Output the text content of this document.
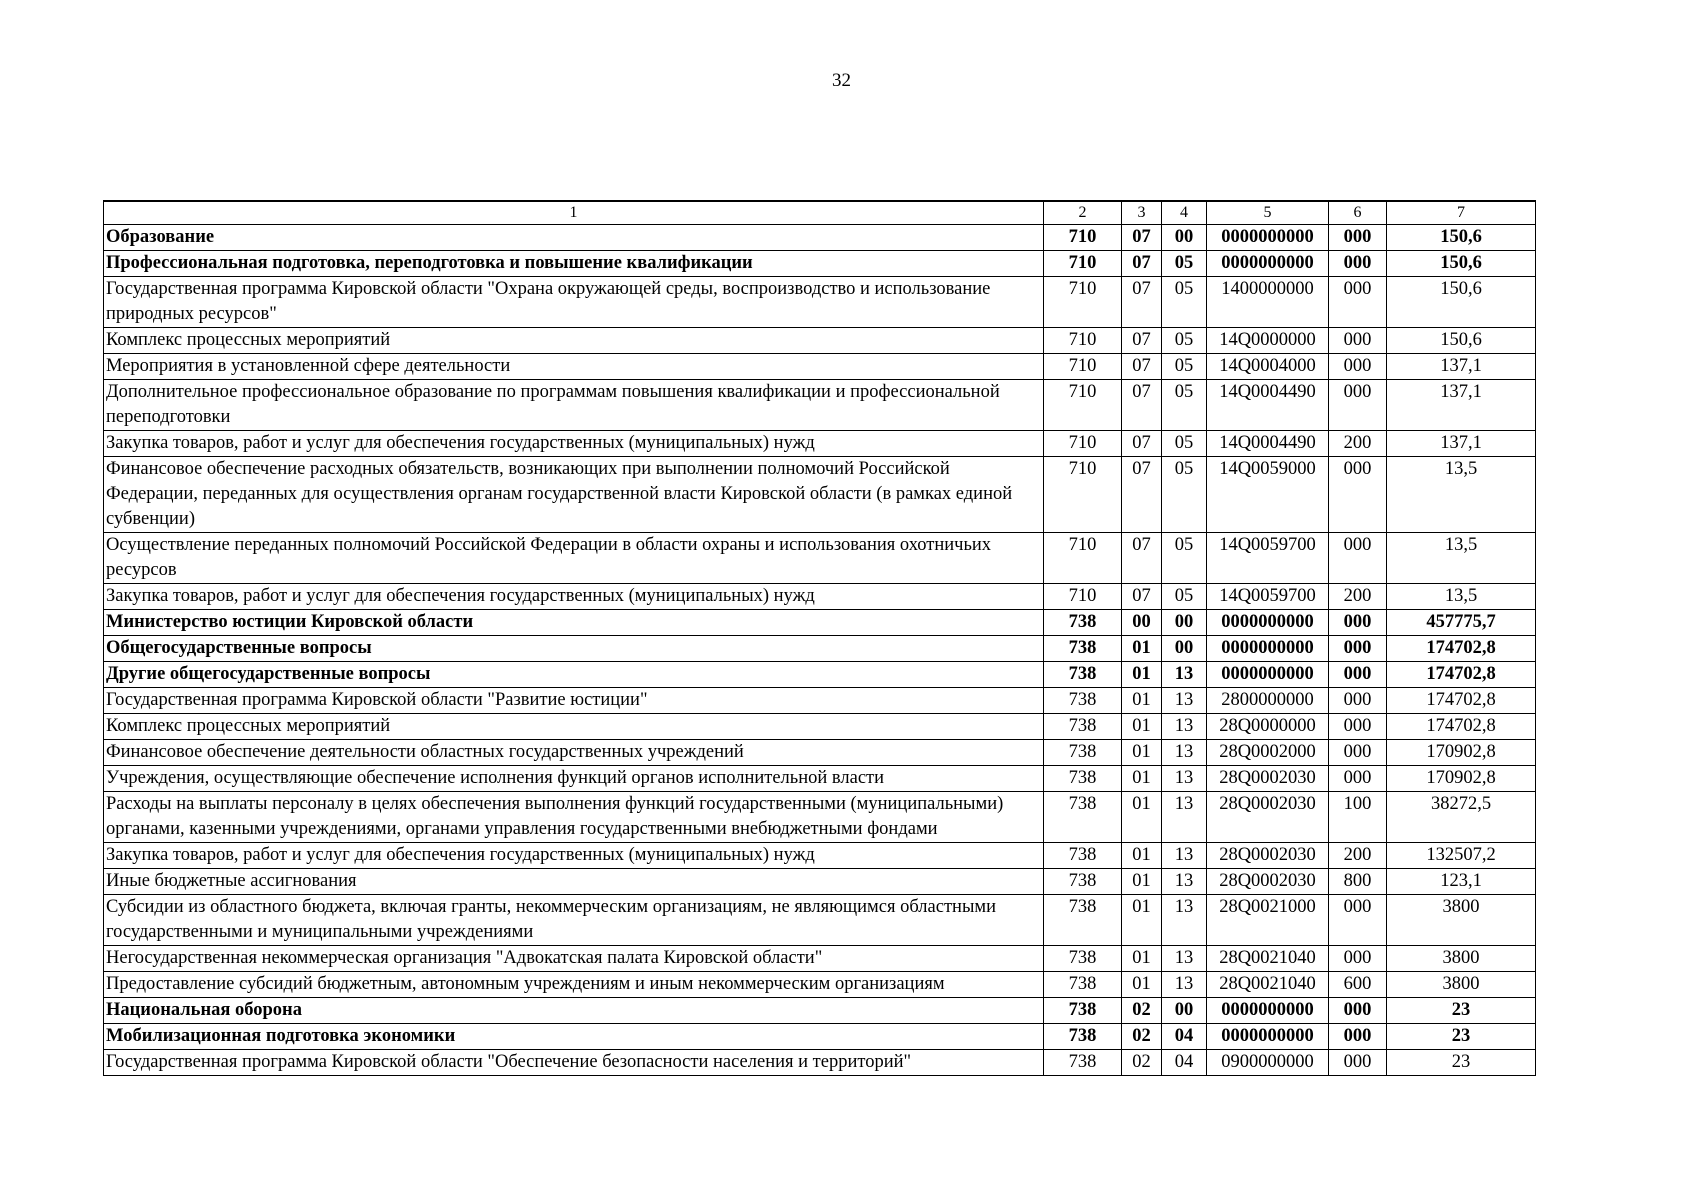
32
1	2	3	4	5	6	7
Образование	710	07	00	0000000000	000	150,6
Профессиональная подготовка, переподготовка и повышение квалификации	710	07	05	0000000000	000	150,6
Государственная программа Кировской области "Охрана окружающей среды, воспроизводство и использование природных ресурсов"	710	07	05	1400000000	000	150,6
Комплекс процессных мероприятий	710	07	05	14Q0000000	000	150,6
Мероприятия в установленной сфере деятельности	710	07	05	14Q0004000	000	137,1
Дополнительное профессиональное образование по программам повышения квалификации и профессиональной переподготовки	710	07	05	14Q0004490	000	137,1
Закупка товаров, работ и услуг для обеспечения государственных (муниципальных) нужд	710	07	05	14Q0004490	200	137,1
Финансовое обеспечение расходных обязательств, возникающих при выполнении полномочий Российской Федерации, переданных для осуществления органам государственной власти Кировской области (в рамках единой субвенции)	710	07	05	14Q0059000	000	13,5
Осуществление переданных полномочий Российской Федерации в области охраны и использования охотничьих ресурсов	710	07	05	14Q0059700	000	13,5
Закупка товаров, работ и услуг для обеспечения государственных (муниципальных) нужд	710	07	05	14Q0059700	200	13,5
Министерство юстиции Кировской области	738	00	00	0000000000	000	457775,7
Общегосударственные вопросы	738	01	00	0000000000	000	174702,8
Другие общегосударственные вопросы	738	01	13	0000000000	000	174702,8
Государственная программа Кировской области "Развитие юстиции"	738	01	13	2800000000	000	174702,8
Комплекс процессных мероприятий	738	01	13	28Q0000000	000	174702,8
Финансовое обеспечение деятельности областных государственных учреждений	738	01	13	28Q0002000	000	170902,8
Учреждения, осуществляющие обеспечение исполнения функций органов исполнительной власти	738	01	13	28Q0002030	000	170902,8
Расходы на выплаты персоналу в целях обеспечения выполнения функций государственными (муниципальными) органами, казенными учреждениями, органами управления государственными внебюджетными фондами	738	01	13	28Q0002030	100	38272,5
Закупка товаров, работ и услуг для обеспечения государственных (муниципальных) нужд	738	01	13	28Q0002030	200	132507,2
Иные бюджетные ассигнования	738	01	13	28Q0002030	800	123,1
Субсидии из областного бюджета, включая гранты, некоммерческим организациям, не являющимся областными государственными и муниципальными учреждениями	738	01	13	28Q0021000	000	3800
Негосударственная некоммерческая организация "Адвокатская палата Кировской области"	738	01	13	28Q0021040	000	3800
Предоставление субсидий бюджетным, автономным учреждениям и иным некоммерческим организациям	738	01	13	28Q0021040	600	3800
Национальная оборона	738	02	00	0000000000	000	23
Мобилизационная подготовка экономики	738	02	04	0000000000	000	23
Государственная программа Кировской области "Обеспечение безопасности населения и территорий"	738	02	04	0900000000	000	23
